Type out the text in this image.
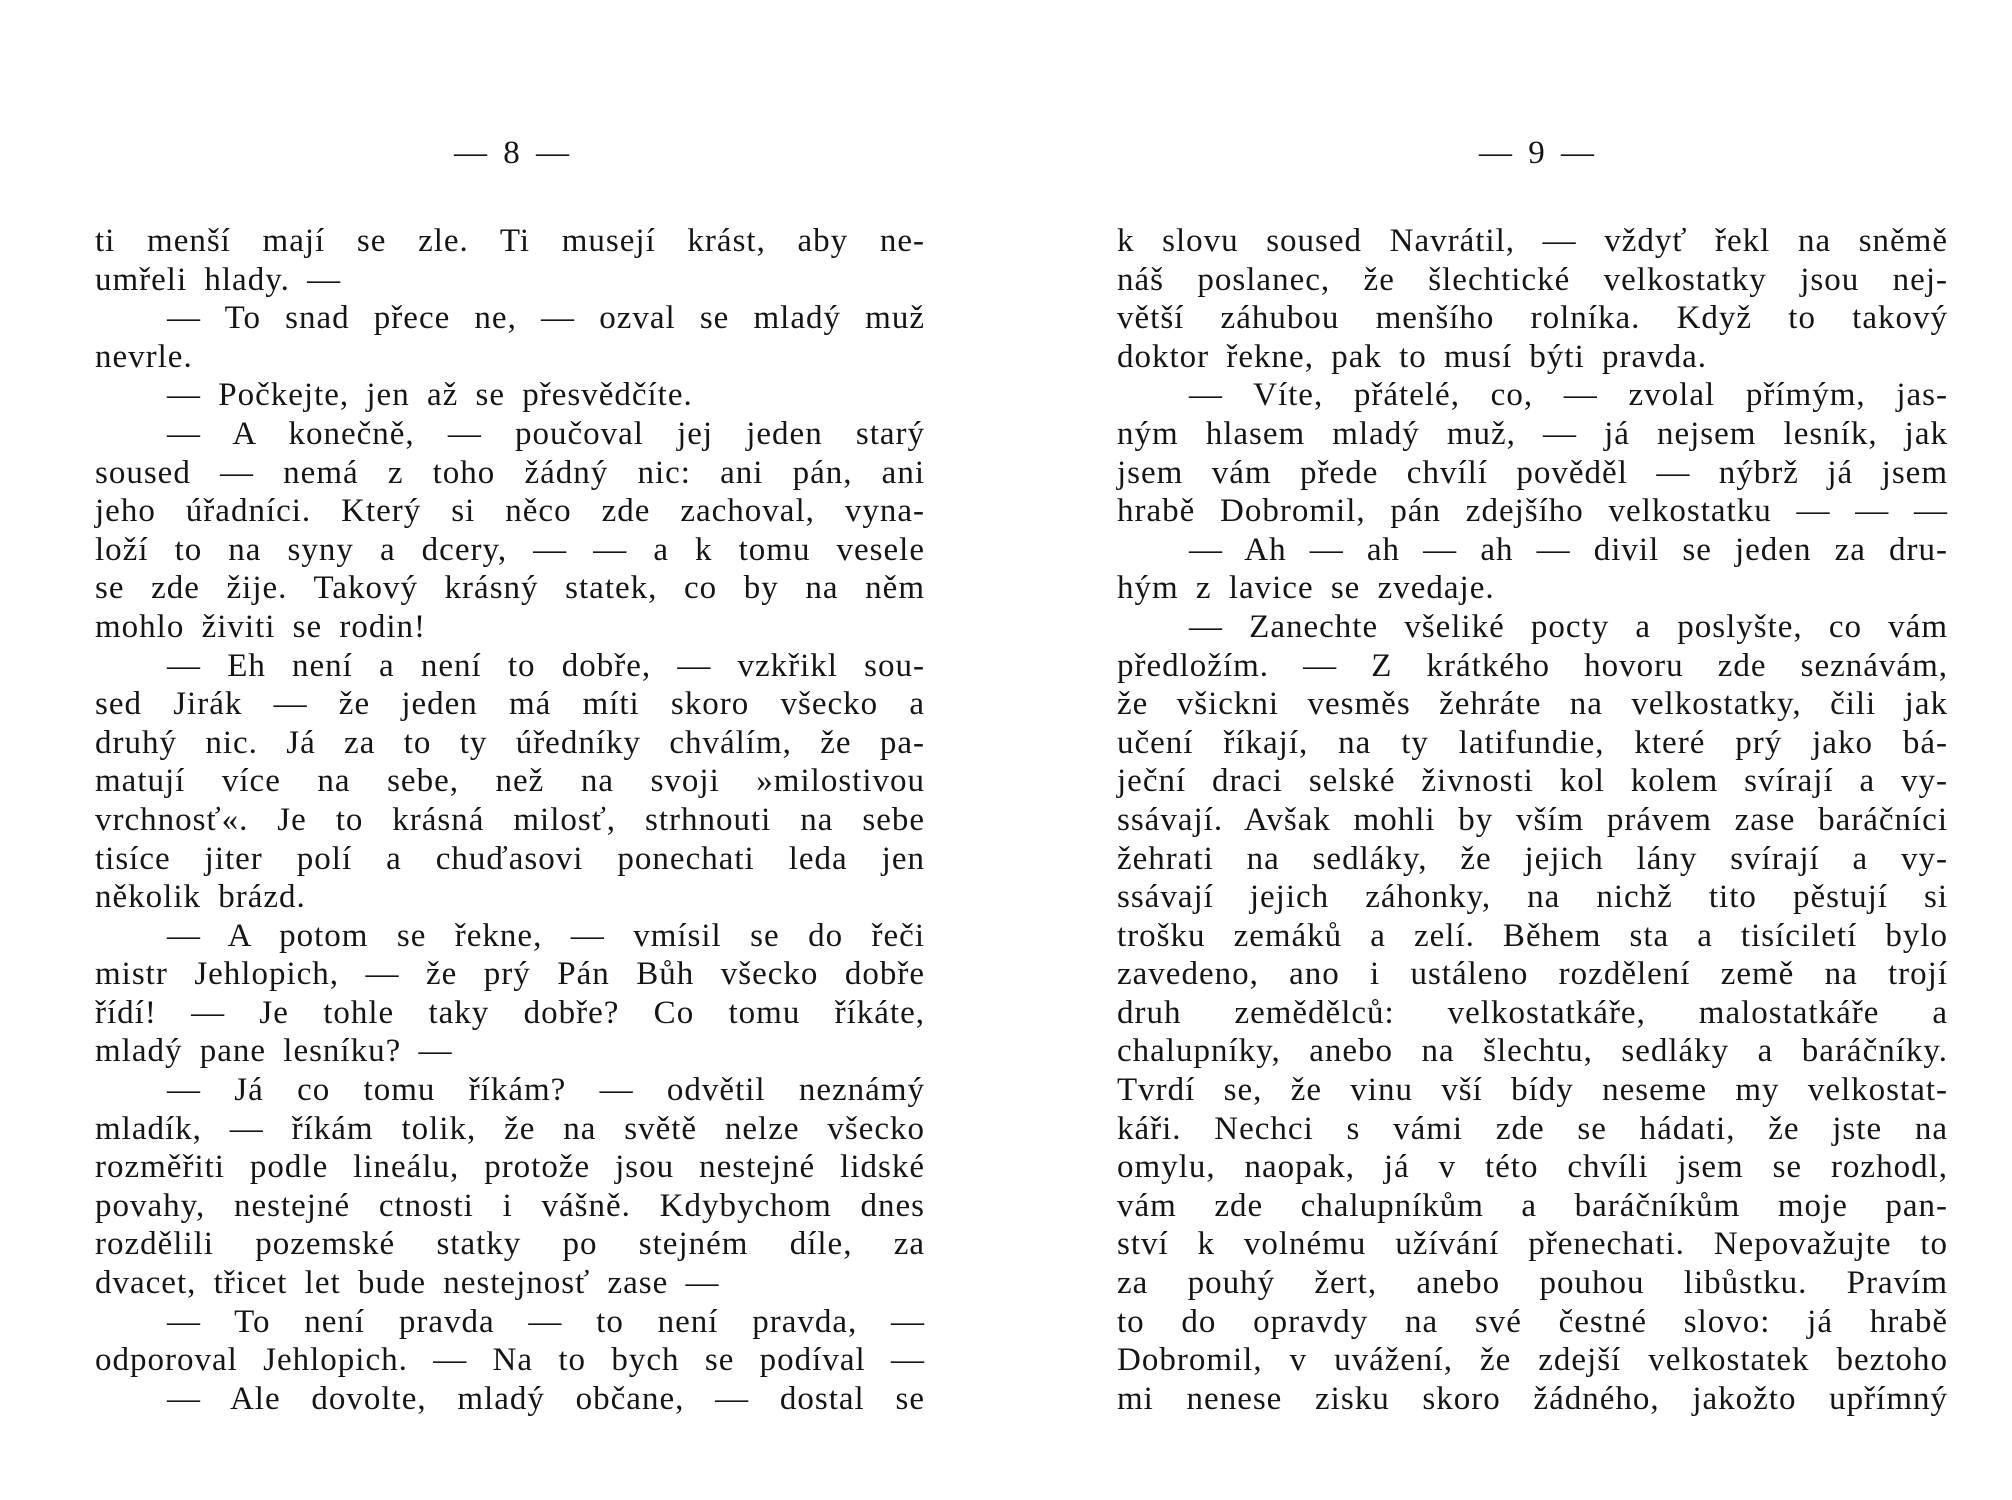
— 8 —
ti menší mají se zle. Ti musejí krást, aby ne-
umřeli hlady. —
— To snad přece ne, — ozval se mladý muž
nevrle.
— Počkejte, jen až se přesvědčíte.
— A konečně, — poučoval jej jeden starý
soused — nemá z toho žádný nic: ani pán, ani
jeho úřadníci. Který si něco zde zachoval, vyna-
loží to na syny a dcery, — — a k tomu vesele
se zde žije. Takový krásný statek, co by na něm
mohlo živiti se rodin!
— Eh není a není to dobře, — vzkřikl sou-
sed Jirák — že jeden má míti skoro všecko a
druhý nic. Já za to ty úředníky chválím, že pa-
matují více na sebe, než na svoji »milostivou
vrchnosť«. Je to krásná milosť, strhnouti na sebe
tisíce jiter polí a chuďasovi ponechati leda jen
několik brázd.
— A potom se řekne, — vmísil se do řeči
mistr Jehlopich, — že prý Pán Bůh všecko dobře
řídí! — Je tohle taky dobře? Co tomu říkáte,
mladý pane lesníku? —
— Já co tomu říkám? — odvětil neznámý
mladík, — říkám tolik, že na světě nelze všecko
rozměřiti podle lineálu, protože jsou nestejné lidské
povahy, nestejné ctnosti i vášně. Kdybychom dnes
rozdělili pozemské statky po stejném díle, za
dvacet, třicet let bude nestejnosť zase —
— To není pravda — to není pravda, —
odporoval Jehlopich. — Na to bych se podíval —
— Ale dovolte, mladý občane, — dostal se
— 9 —
k slovu soused Navrátil, — vždyť řekl na sněmě
náš poslanec, že šlechtické velkostatky jsou nej-
větší záhubou menšího rolníka. Když to takový
doktor řekne, pak to musí býti pravda.
— Víte, přátelé, co, — zvolal přímým, jas-
ným hlasem mladý muž, — já nejsem lesník, jak
jsem vám přede chvílí pověděl — nýbrž já jsem
hrabě Dobromil, pán zdejšího velkostatku — — —
— Ah — ah — ah — divil se jeden za dru-
hým z lavice se zvedaje.
— Zanechte všeliké pocty a poslyšte, co vám
předložím. — Z krátkého hovoru zde seznávám,
že všickni vesměs žehráte na velkostatky, čili jak
učení říkají, na ty latifundie, které prý jako bá-
ječní draci selské živnosti kol kolem svírají a vy-
ssávají. Avšak mohli by vším právem zase baráčníci
žehrati na sedláky, že jejich lány svírají a vy-
ssávají jejich záhonky, na nichž tito pěstují si
trošku zemáků a zelí. Během sta a tisíciletí bylo
zavedeno, ano i ustáleno rozdělení země na trojí
druh zemědělců: velkostatkáře, malostatkáře a
chalupníky, anebo na šlechtu, sedláky a baráčníky.
Tvrdí se, že vinu vší bídy neseme my velkostat-
káři. Nechci s vámi zde se hádati, že jste na
omylu, naopak, já v této chvíli jsem se rozhodl,
vám zde chalupníkům a baráčníkům moje pan-
ství k volnému užívání přenechati. Nepovažujte to
za pouhý žert, anebo pouhou libůstku. Pravím
to do opravdy na své čestné slovo: já hrabě
Dobromil, v uvážení, že zdejší velkostatek beztoho
mi nenese zisku skoro žádného, jakožto upřímný
